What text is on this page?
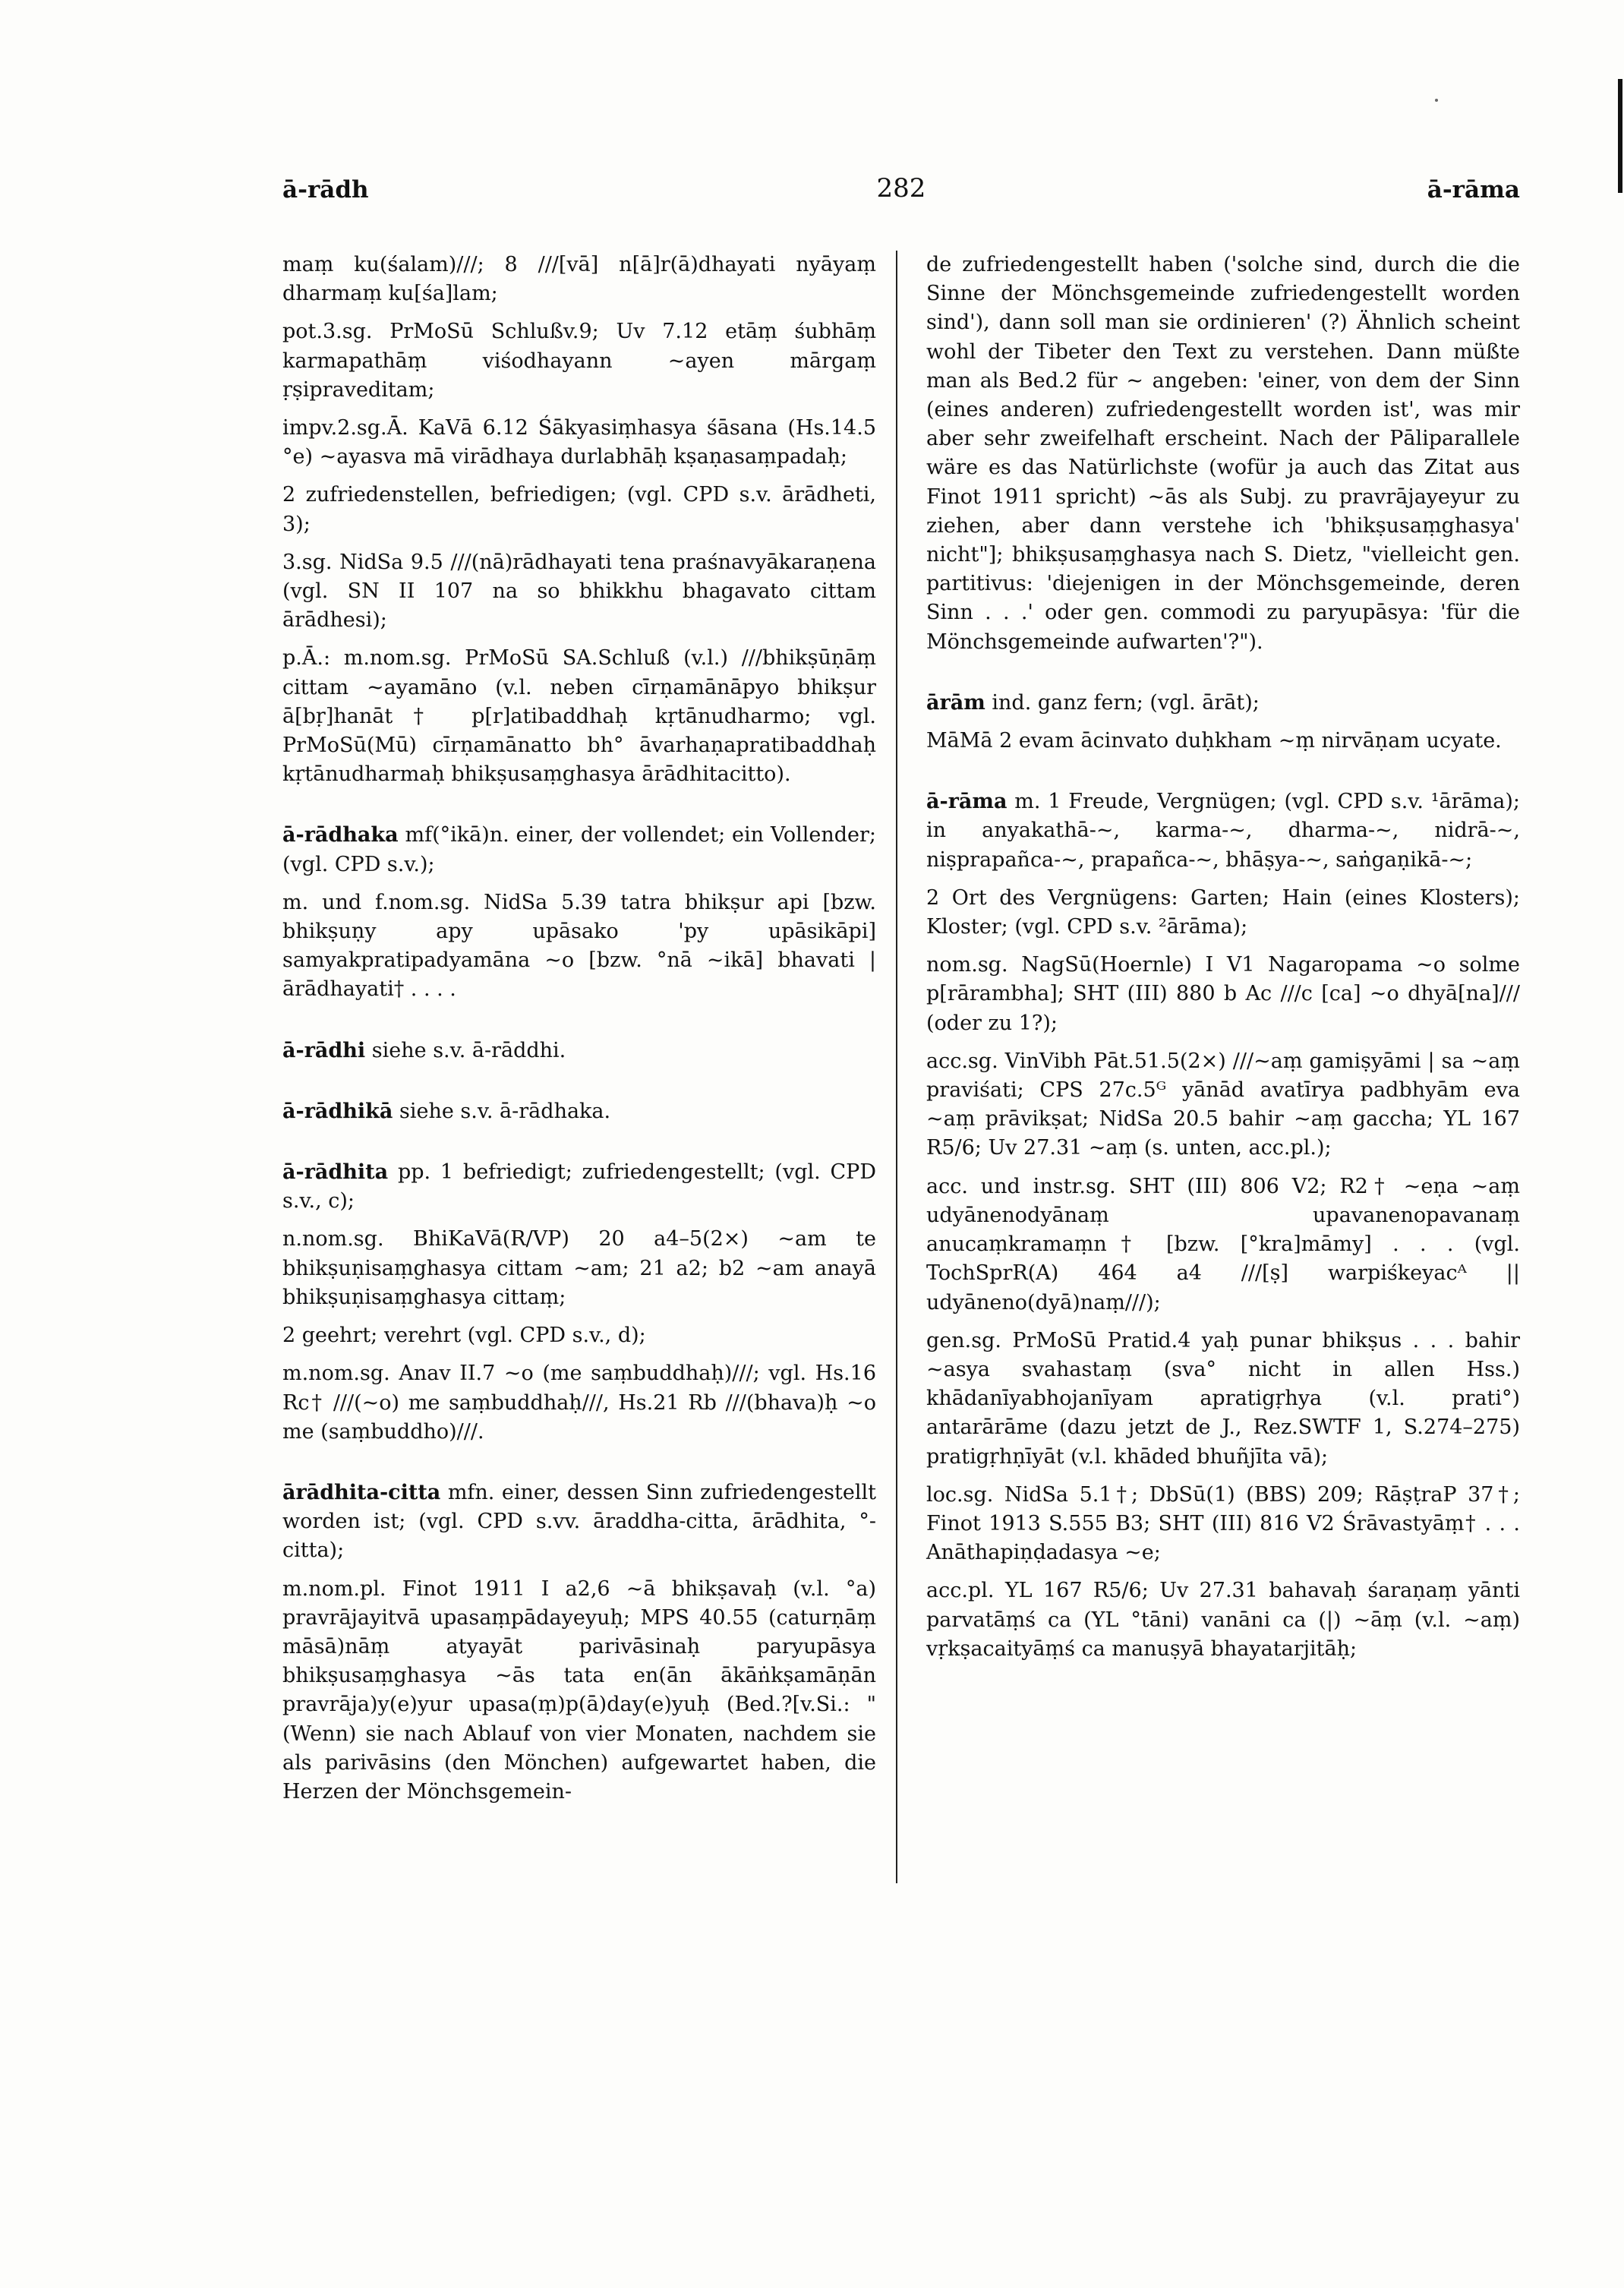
ā-rādh	282	ā-rāma

maṃ ku(śalam)///; 8 ///[vā] n[ā]r(ā)dhayati nyāyaṃ dharmaṃ ku[śa]lam;

pot.3.sg. PrMoSū Schlußv.9; Uv 7.12 etāṃ śubhāṃ karmapathāṃ viśodhayann ~ayen mārgaṃ ṛṣipraveditam;

impv.2.sg.Ā. KaVā 6.12 Śākyasiṃhasya śāsana (Hs.14.5 °e) ~ayasva mā virādhaya durlabhāḥ kṣaṇasaṃpadaḥ;

2 zufriedenstellen, befriedigen; (vgl. CPD s.v. ārādheti, 3);

3.sg. NidSa 9.5 ///(nā)rādhayati tena praśnavyākaraṇena (vgl. SN II 107 na so bhikkhu bhagavato cittam ārādhesi);

p.Ā.: m.nom.sg. PrMoSū SA.Schluß (v.l.) ///bhikṣūṇāṃ cittam ~ayamāno (v.l. neben cīrṇamānāpyo bhikṣur ā[bṛ]hanāt† p[r]atibaddhaḥ kṛtānudharmo; vgl. PrMoSū(Mū) cīrṇamānatto bh° āvarhaṇapratibaddhaḥ kṛtānudharmaḥ bhikṣusaṃghasya ārādhitacitto).

ā-rādhaka mf(°ikā)n. einer, der vollendet; ein Vollender; (vgl. CPD s.v.);

m. und f.nom.sg. NidSa 5.39 tatra bhikṣur api [bzw. bhikṣuṇy apy upāsako 'py upāsikāpi] samyakpratipadyamāna ~o [bzw. °nā ~ikā] bhavati | ārādhayati† . . . .

ā-rādhi siehe s.v. ā-rāddhi.

ā-rādhikā siehe s.v. ā-rādhaka.

ā-rādhita pp. 1 befriedigt; zufriedengestellt; (vgl. CPD s.v., c);

n.nom.sg. BhiKaVā(R/VP) 20 a4–5(2×) ~am te bhikṣuṇisaṃghasya cittam ~am; 21 a2; b2 ~am anayā bhikṣuṇisaṃghasya cittaṃ;

2 geehrt; verehrt (vgl. CPD s.v., d);

m.nom.sg. Anav II.7 ~o (me saṃbuddhaḥ)///; vgl. Hs.16 Rc† ///(~o) me saṃbuddhaḥ///, Hs.21 Rb ///(bhava)ḥ ~o me (saṃbuddho)///.

ārādhita-citta mfn. einer, dessen Sinn zufriedengestellt worden ist; (vgl. CPD s.vv. āraddha-citta, ārādhita, °-citta);

m.nom.pl. Finot 1911 I a2,6 ~ā bhikṣavaḥ (v.l. °a) pravrājayitvā upasaṃpādayeyuḥ; MPS 40.55 (caturṇāṃ māsā)nāṃ atyayāt parivāsinaḥ paryupāsya bhikṣusaṃghasya ~ās tata en(ān ākāṅkṣamāṇān pravrāja)y(e)yur upasa(ṃ)p(ā)day(e)yuḥ (Bed.?[v.Si.: "(Wenn) sie nach Ablauf von vier Monaten, nachdem sie als parivāsins (den Mönchen) aufgewartet haben, die Herzen der Mönchsgemein-

de zufriedengestellt haben ('solche sind, durch die die Sinne der Mönchsgemeinde zufriedengestellt worden sind'), dann soll man sie ordinieren' (?) Ähnlich scheint wohl der Tibeter den Text zu verstehen. Dann müßte man als Bed.2 für ~ angeben: 'einer, von dem der Sinn (eines anderen) zufriedengestellt worden ist', was mir aber sehr zweifelhaft erscheint. Nach der Pāliparallele wäre es das Natürlichste (wofür ja auch das Zitat aus Finot 1911 spricht) ~ās als Subj. zu pravrājayeyur zu ziehen, aber dann verstehe ich 'bhikṣusaṃghasya' nicht"]; bhikṣusaṃghasya nach S. Dietz, "vielleicht gen. partitivus: 'diejenigen in der Mönchsgemeinde, deren Sinn . . .' oder gen. commodi zu paryupāsya: 'für die Mönchsgemeinde aufwarten'?").

ārām ind. ganz fern; (vgl. ārāt);

MāMā 2 evam ācinvato duḥkham ~ṃ nirvāṇam ucyate.

ā-rāma m. 1 Freude, Vergnügen; (vgl. CPD s.v. ¹ārāma); in anyakathā-~, karma-~, dharma-~, nidrā-~, niṣprapañca-~, prapañca-~, bhāṣya-~, saṅgaṇikā-~;

2 Ort des Vergnügens: Garten; Hain (eines Klosters); Kloster; (vgl. CPD s.v. ²ārāma);

nom.sg. NagSū(Hoernle) I V1 Nagaropama ~o solme p[rārambha]; SHT (III) 880 b Ac ///c [ca] ~o dhyā[na]/// (oder zu 1?);

acc.sg. VinVibh Pāt.51.5(2×) ///~aṃ gamiṣyāmi | sa ~aṃ praviśati; CPS 27c.5ᴳ yānād avatīrya padbhyām eva ~aṃ prāvikṣat; NidSa 20.5 bahir ~aṃ gaccha; YL 167 R5/6; Uv 27.31 ~aṃ (s. unten, acc.pl.);

acc. und instr.sg. SHT (III) 806 V2; R2† ~eṇa ~aṃ udyānenodyānaṃ upavanenopavanaṃ anucaṃkramaṃn† [bzw. [°kra]māmy] . . . (vgl. TochSprR(A) 464 a4 ///[ṣ] warpiśkeyacᴬ || udyāneno(dyā)naṃ///);

gen.sg. PrMoSū Pratid.4 yaḥ punar bhikṣus . . . bahir ~asya svahastaṃ (sva° nicht in allen Hss.) khādanīyabhojanīyam apratigṛhya (v.l. prati°) antarārāme (dazu jetzt de J., Rez.SWTF 1, S.274–275) pratigṛhṇīyāt (v.l. khāded bhuñjīta vā);

loc.sg. NidSa 5.1†; DbSū(1) (BBS) 209; RāṣṭraP 37†; Finot 1913 S.555 B3; SHT (III) 816 V2 Śrāvastyāṃ† . . . Anāthapiṇḍadasya ~e;

acc.pl. YL 167 R5/6; Uv 27.31 bahavaḥ śaraṇaṃ yānti parvatāṃś ca (YL °tāni) vanāni ca (|) ~āṃ (v.l. ~aṃ) vṛkṣacaityāṃś ca manuṣyā bhayatarjitāḥ;
